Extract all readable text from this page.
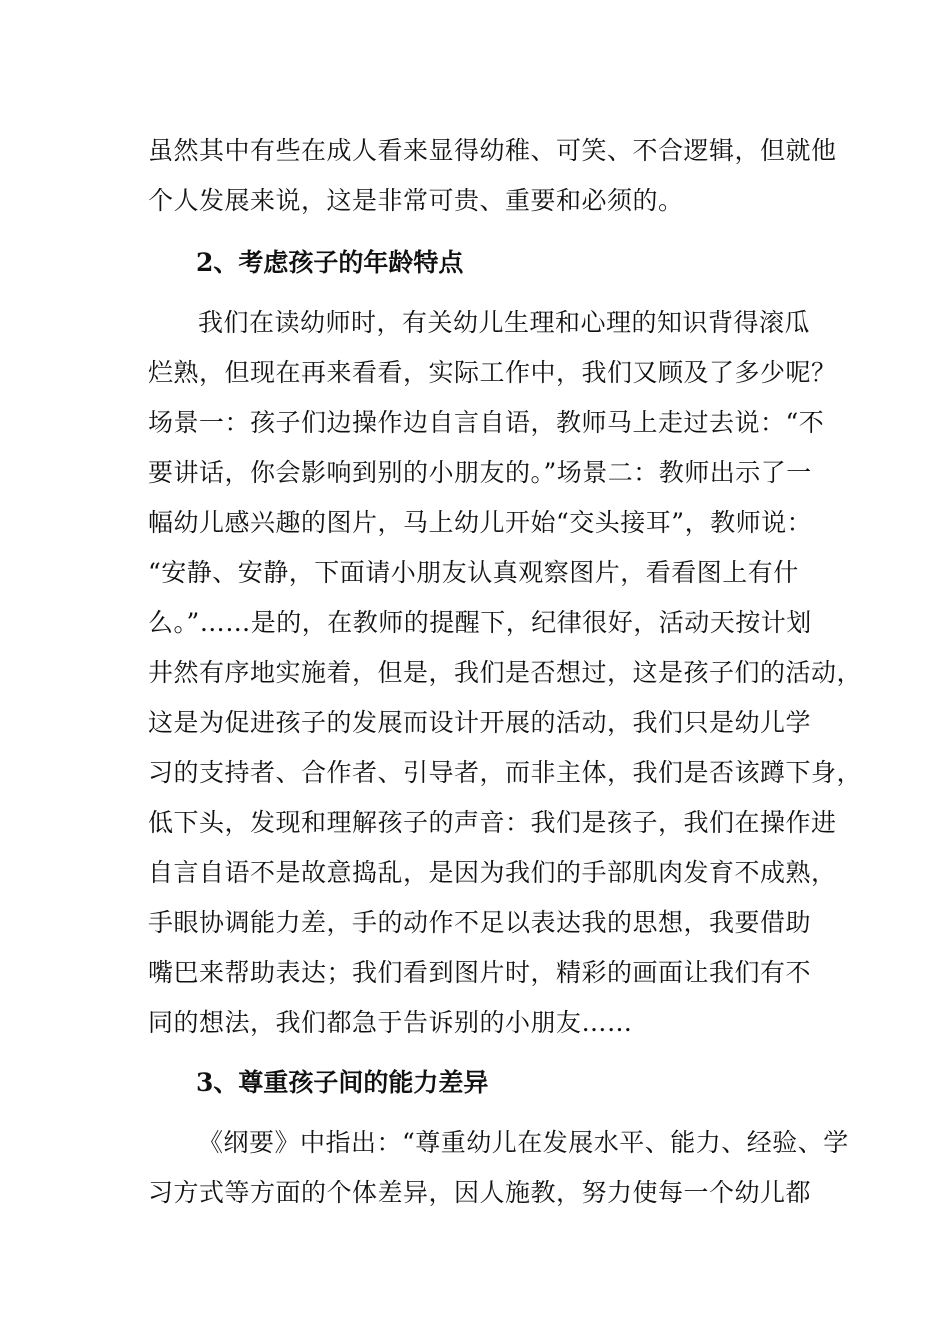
虽然其中有些在成人看来显得幼稚、可笑、不合逻辑，但就他
个人发展来说，这是非常可贵、重要和必须的。
2、考虑孩子的年龄特点
我们在读幼师时，有关幼儿生理和心理的知识背得滚瓜
烂熟，但现在再来看看，实际工作中，我们又顾及了多少呢？
场景一：孩子们边操作边自言自语，教师马上走过去说：“不
要讲话，你会影响到别的小朋友的。”场景二：教师出示了一
幅幼儿感兴趣的图片，马上幼儿开始“交头接耳”，教师说：
“安静、安静，下面请小朋友认真观察图片，看看图上有什
么。”……是的，在教师的提醒下，纪律很好，活动天按计划
井然有序地实施着，但是，我们是否想过，这是孩子们的活动，
这是为促进孩子的发展而设计开展的活动，我们只是幼儿学
习的支持者、合作者、引导者，而非主体，我们是否该蹲下身，
低下头，发现和理解孩子的声音：我们是孩子，我们在操作进
自言自语不是故意捣乱，是因为我们的手部肌肉发育不成熟，
手眼协调能力差，手的动作不足以表达我的思想，我要借助
嘴巴来帮助表达；我们看到图片时，精彩的画面让我们有不
同的想法，我们都急于告诉别的小朋友……
3、尊重孩子间的能力差异
《纲要》中指出：“尊重幼儿在发展水平、能力、经验、学
习方式等方面的个体差异，因人施教，努力使每一个幼儿都
